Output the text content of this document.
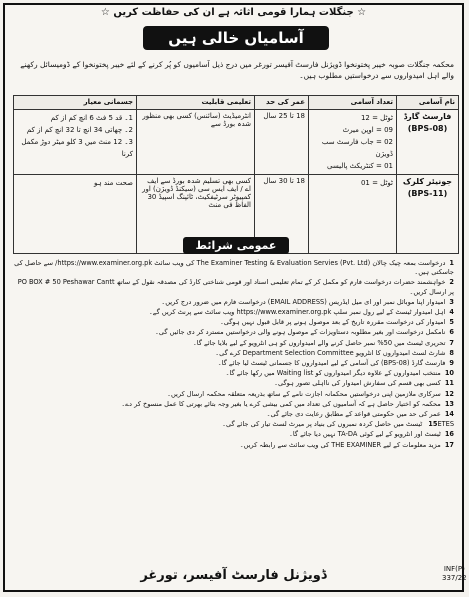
☆ جنگلات ہمارا قومی اثاثہ ہے ان کی حفاظت کریں ☆
آسامیاں خالی ہیں
محکمہ جنگلات صوبہ خیبر پختونخوا ڈویژنل فارسٹ آفیسر تورغر میں درج ذیل آسامیوں کو پُر کرنے کے لئے خیبر پختونخوا کے ڈومیسائل رکھنے والے اہل امیدواروں سے درخواستیں مطلوب ہیں۔
نام آسامی	تعداد آسامی	عمر کی حد	تعلیمی قابلیت	جسمانی معیار

فارسٹ گارڈ
(BPS-08)	ٹوٹل = 12
09 = اوپن میرٹ
02 = جاب فارسٹ سب ڈویژن
01 = کنٹریکٹ پالیسی	18 تا 25 سال	انٹرمیڈیٹ (سائنس) کسی بھی منظور شدہ بورڈ سے	1۔ قد 5 فٹ 6 انچ کم از کم
2۔ چھاتی 34 انچ تا 32 انچ کم از کم
3۔ 12 منٹ میں 3 کلو میٹر دوڑ مکمل کرنا

جونیئر کلرک
(BPS-11)	ٹوٹل = 01	18 تا 30 سال	کسی بھی تسلیم شدہ بورڈ سے ایف اے / ایف ایس سی (سیکنڈ ڈویژن) اور کمپیوٹر سرٹیفکیٹ، ٹائپنگ اسپیڈ 30 الفاظ فی منٹ	صحت مند ہو
عمومی شرائط
1درخواست بمعہ چیک چالان The Examiner Testing & Evaluation Servies (Pvt. Ltd) کی ویب سائٹ https://www.examiner.org.pk/ سے حاصل کی جاسکتی ہیں۔
2خواہشمند حضرات درخواست فارم کو مکمل کر کے تمام تعلیمی اسناد اور قومی شناختی کارڈ کی مصدقہ نقول کے ساتھ PO BOX # 50 Peshawar Cantt پر ارسال کریں۔
3امیدوار اپنا موبائل نمبر اور ای میل ایڈریس (EMAIL ADDRESS) درخواست فارم میں ضرور درج کریں۔
4اہل امیدوار ٹیسٹ کے لیے رول نمبر سلپ https://www.examiner.org.pk ویب سائٹ سے پرنٹ کریں گے۔
5امیدوار کی درخواست مقررہ تاریخ کے بعد موصول ہونے پر قابل قبول نہیں ہوگی۔
6نامکمل درخواست اور بغیر مطلوبہ دستاویزات کے موصول ہونے والی درخواستیں مسترد کر دی جائیں گی۔
7تحریری ٹیسٹ میں 50% نمبر حاصل کرنے والے امیدواروں کو ہی انٹرویو کے لیے بلایا جائے گا۔
8شارٹ لسٹ امیدواروں کا انٹرویو Department Selection Committee کرے گی۔
9فارسٹ گارڈ (BPS-08) کی آسامی کے لیے امیدواروں کا جسمانی ٹیسٹ لیا جائے گا۔
10منتخب امیدواروں کے علاوہ دیگر امیدواروں کو Waiting list میں رکھا جائے گا۔
11کسی بھی قسم کی سفارش امیدوار کی نااہلی تصور ہوگی۔
12سرکاری ملازمین اپنی درخواستیں محکمانہ اجازت نامے کے ساتھ بذریعہ متعلقہ محکمہ ارسال کریں۔
13محکمہ کو اختیار حاصل ہے کہ آسامیوں کی تعداد میں کمی بیشی کرے یا بغیر وجہ بتائے بھرتی کا عمل منسوخ کر دے۔
14عمر کی حد میں حکومتی قواعد کے مطابق رعایت دی جائے گی۔
15ETES ٹیسٹ میں حاصل کردہ نمبروں کی بنیاد پر میرٹ لسٹ تیار کی جائے گی۔
16ٹیسٹ اور انٹرویو کے لیے کوئی TA-DA نہیں دیا جائے گا۔
17مزید معلومات کے لیے THE EXAMINER کی ویب سائٹ سے رابطہ کریں۔
ڈویژنل فارسٹ آفیسر، تورغر	INF(P)
337/22
